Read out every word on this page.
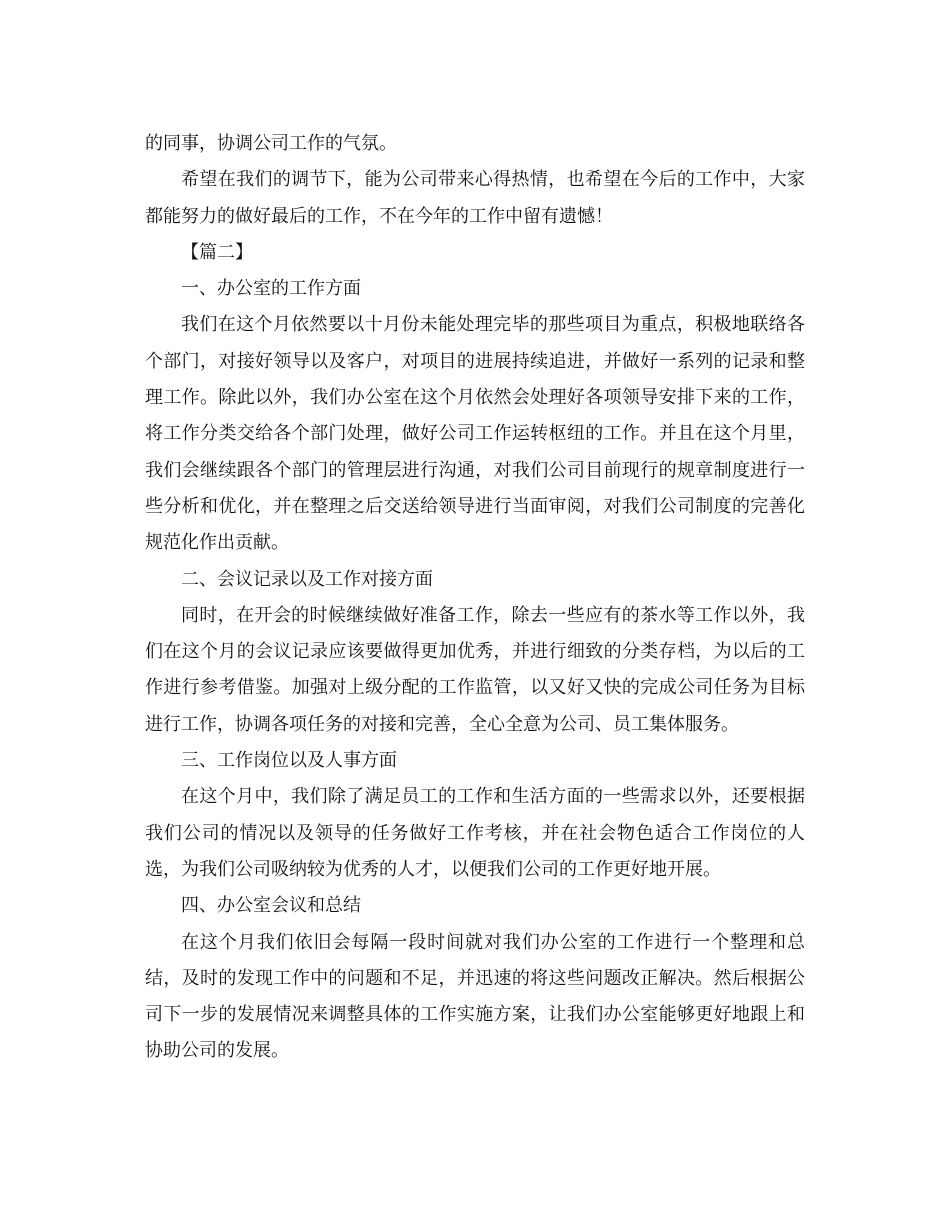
的同事，协调公司工作的气氛。

希望在我们的调节下，能为公司带来心得热情，也希望在今后的工作中，大家都能努力的做好最后的工作，不在今年的工作中留有遗憾！

【篇二】

一、办公室的工作方面

我们在这个月依然要以十月份未能处理完毕的那些项目为重点，积极地联络各个部门，对接好领导以及客户，对项目的进展持续追进，并做好一系列的记录和整理工作。除此以外，我们办公室在这个月依然会处理好各项领导安排下来的工作，将工作分类交给各个部门处理，做好公司工作运转枢纽的工作。并且在这个月里，我们会继续跟各个部门的管理层进行沟通，对我们公司目前现行的规章制度进行一些分析和优化，并在整理之后交送给领导进行当面审阅，对我们公司制度的完善化规范化作出贡献。

二、会议记录以及工作对接方面

同时，在开会的时候继续做好准备工作，除去一些应有的茶水等工作以外，我们在这个月的会议记录应该要做得更加优秀，并进行细致的分类存档，为以后的工作进行参考借鉴。加强对上级分配的工作监管，以又好又快的完成公司任务为目标进行工作，协调各项任务的对接和完善，全心全意为公司、员工集体服务。

三、工作岗位以及人事方面

在这个月中，我们除了满足员工的工作和生活方面的一些需求以外，还要根据我们公司的情况以及领导的任务做好工作考核，并在社会物色适合工作岗位的人选，为我们公司吸纳较为优秀的人才，以便我们公司的工作更好地开展。

四、办公室会议和总结

在这个月我们依旧会每隔一段时间就对我们办公室的工作进行一个整理和总结，及时的发现工作中的问题和不足，并迅速的将这些问题改正解决。然后根据公司下一步的发展情况来调整具体的工作实施方案，让我们办公室能够更好地跟上和协助公司的发展。
